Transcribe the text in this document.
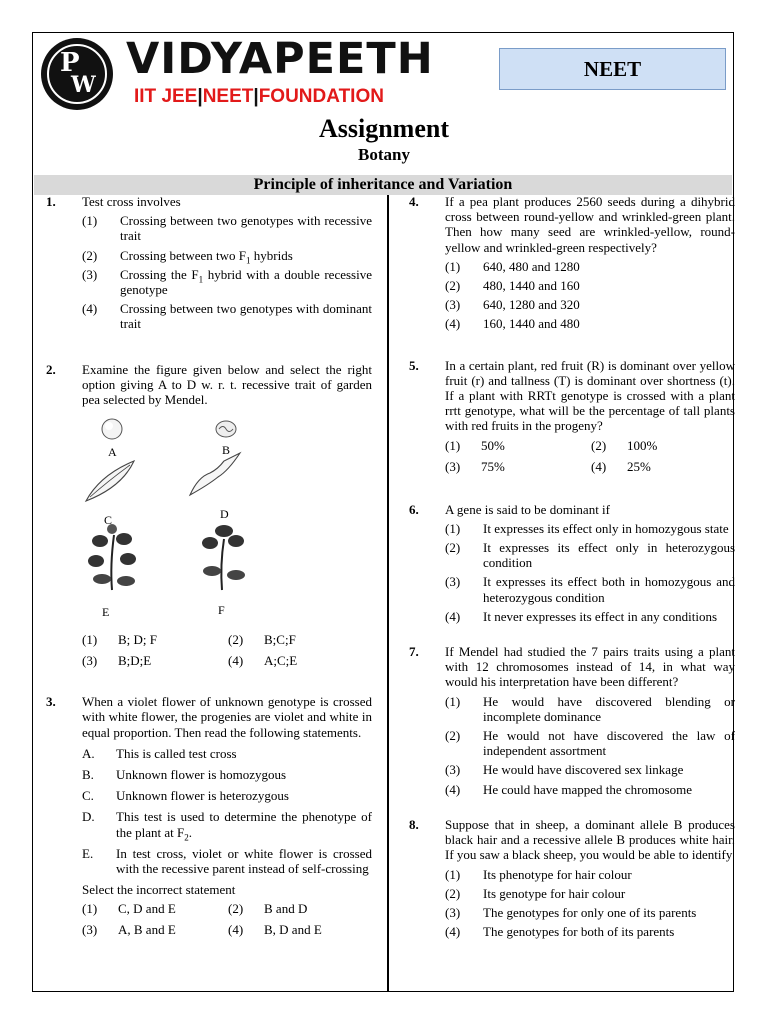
P
W
VIDYAPEETH
IIT JEE|NEET|FOUNDATION
NEET
Assignment
Botany
Principle of inheritance and Variation
1. Test cross involves
(1) Crossing between two genotypes with recessive trait
(2) Crossing between two $F_1$ hybrids
(3) Crossing the $F_1$ hybrid with a double recessive genotype
(4) Crossing between two genotypes with dominant trait
2. Examine the figure given below and select the right option giving A to D w. r. t. recessive trait of garden pea selected by Mendel.
A	B
C	D
E	F
(1) B; D; F	(2) B;C;F
(3) B;D;E	(4) A;C;E
3. When a violet flower of unknown genotype is crossed with white flower, the progenies are violet and white in equal proportion. Then read the following statements.
A. This is called test cross
B. Unknown flower is homozygous
C. Unknown flower is heterozygous
D. This test is used to determine the phenotype of the plant at $F_2$.
E. In test cross, violet or white flower is crossed with the recessive parent instead of self-crossing
Select the incorrect statement
(1) C, D and E	(2) B and D
(3) A, B and E	(4) B, D and E
4. If a pea plant produces 2560 seeds during a dihybrid cross between round-yellow and wrinkled-green plant. Then how many seed are wrinkled-yellow, round-yellow and wrinkled-green respectively?
(1) 640, 480 and 1280
(2) 480, 1440 and 160
(3) 640, 1280 and 320
(4) 160, 1440 and 480
5. In a certain plant, red fruit (R) is dominant over yellow fruit (r) and tallness (T) is dominant over shortness (t). If a plant with RRTt genotype is crossed with a plant rrtt genotype, what will be the percentage of tall plants with red fruits in the progeny?
(1) 50%	(2) 100%
(3) 75%	(4) 25%
6. A gene is said to be dominant if
(1) It expresses its effect only in homozygous state
(2) It expresses its effect only in heterozygous condition
(3) It expresses its effect both in homozygous and heterozygous condition
(4) It never expresses its effect in any conditions
7. If Mendel had studied the 7 pairs traits using a plant with 12 chromosomes instead of 14, in what way would his interpretation have been different?
(1) He would have discovered blending or incomplete dominance
(2) He would not have discovered the law of independent assortment
(3) He would have discovered sex linkage
(4) He could have mapped the chromosome
8. Suppose that in sheep, a dominant allele B produces black hair and a recessive allele B produces white hair. If you saw a black sheep, you would be able to identify
(1) Its phenotype for hair colour
(2) Its genotype for hair colour
(3) The genotypes for only one of its parents
(4) The genotypes for both of its parents
